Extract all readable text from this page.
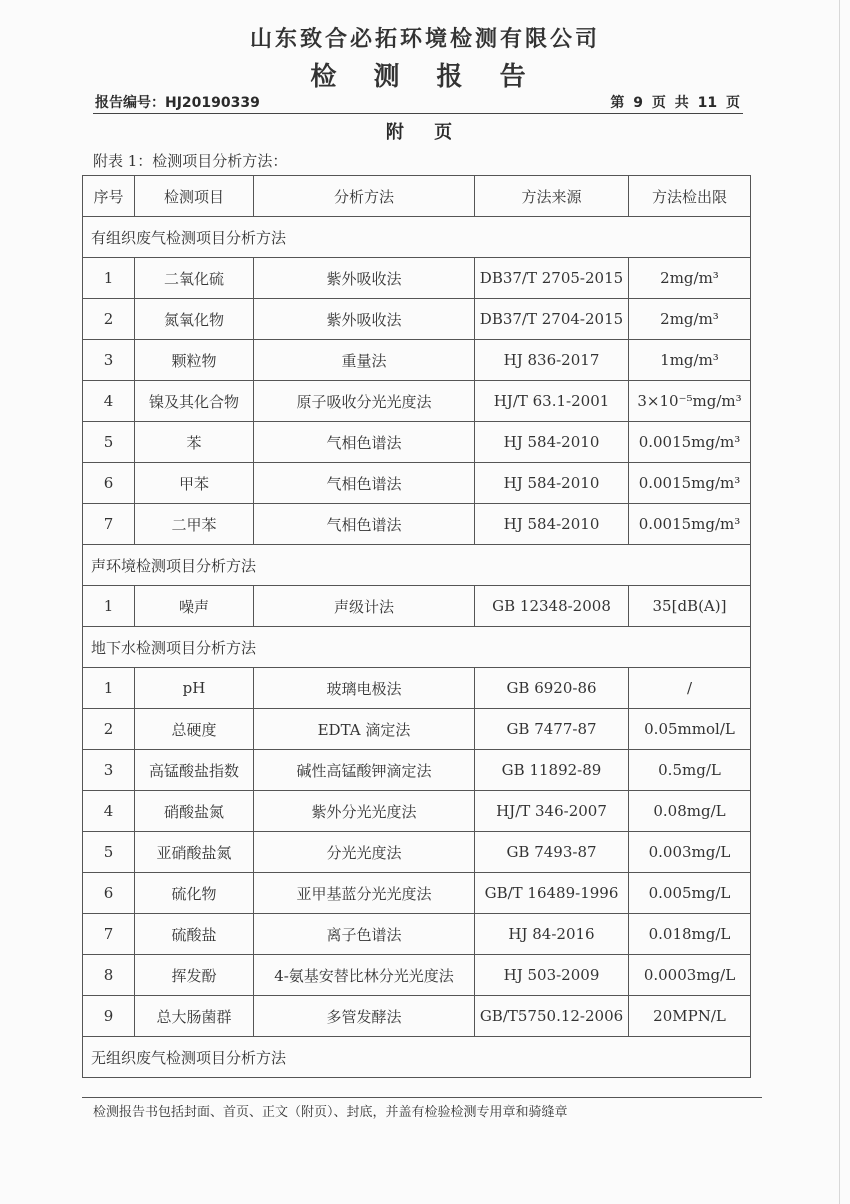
山东致合必拓环境检测有限公司
检 测 报 告
报告编号：HJ20190339	第 9 页 共 11 页
附 页
附表 1：检测项目分析方法：
序号	检测项目	分析方法	方法来源	方法检出限
有组织废气检测项目分析方法				
1	二氧化硫	紫外吸收法	DB37/T 2705-2015	2mg/m³
2	氮氧化物	紫外吸收法	DB37/T 2704-2015	2mg/m³
3	颗粒物	重量法	HJ 836-2017	1mg/m³
4	镍及其化合物	原子吸收分光光度法	HJ/T 63.1-2001	3×10⁻⁵mg/m³
5	苯	气相色谱法	HJ 584-2010	0.0015mg/m³
6	甲苯	气相色谱法	HJ 584-2010	0.0015mg/m³
7	二甲苯	气相色谱法	HJ 584-2010	0.0015mg/m³
声环境检测项目分析方法				
1	噪声	声级计法	GB 12348-2008	35[dB(A)]
地下水检测项目分析方法				
1	pH	玻璃电极法	GB 6920-86	/
2	总硬度	EDTA 滴定法	GB 7477-87	0.05mmol/L
3	高锰酸盐指数	碱性高锰酸钾滴定法	GB 11892-89	0.5mg/L
4	硝酸盐氮	紫外分光光度法	HJ/T 346-2007	0.08mg/L
5	亚硝酸盐氮	分光光度法	GB 7493-87	0.003mg/L
6	硫化物	亚甲基蓝分光光度法	GB/T 16489-1996	0.005mg/L
7	硫酸盐	离子色谱法	HJ 84-2016	0.018mg/L
8	挥发酚	4-氨基安替比林分光光度法	HJ 503-2009	0.0003mg/L
9	总大肠菌群	多管发酵法	GB/T5750.12-2006	20MPN/L
无组织废气检测项目分析方法				
检测报告书包括封面、首页、正文（附页）、封底，并盖有检验检测专用章和骑缝章
